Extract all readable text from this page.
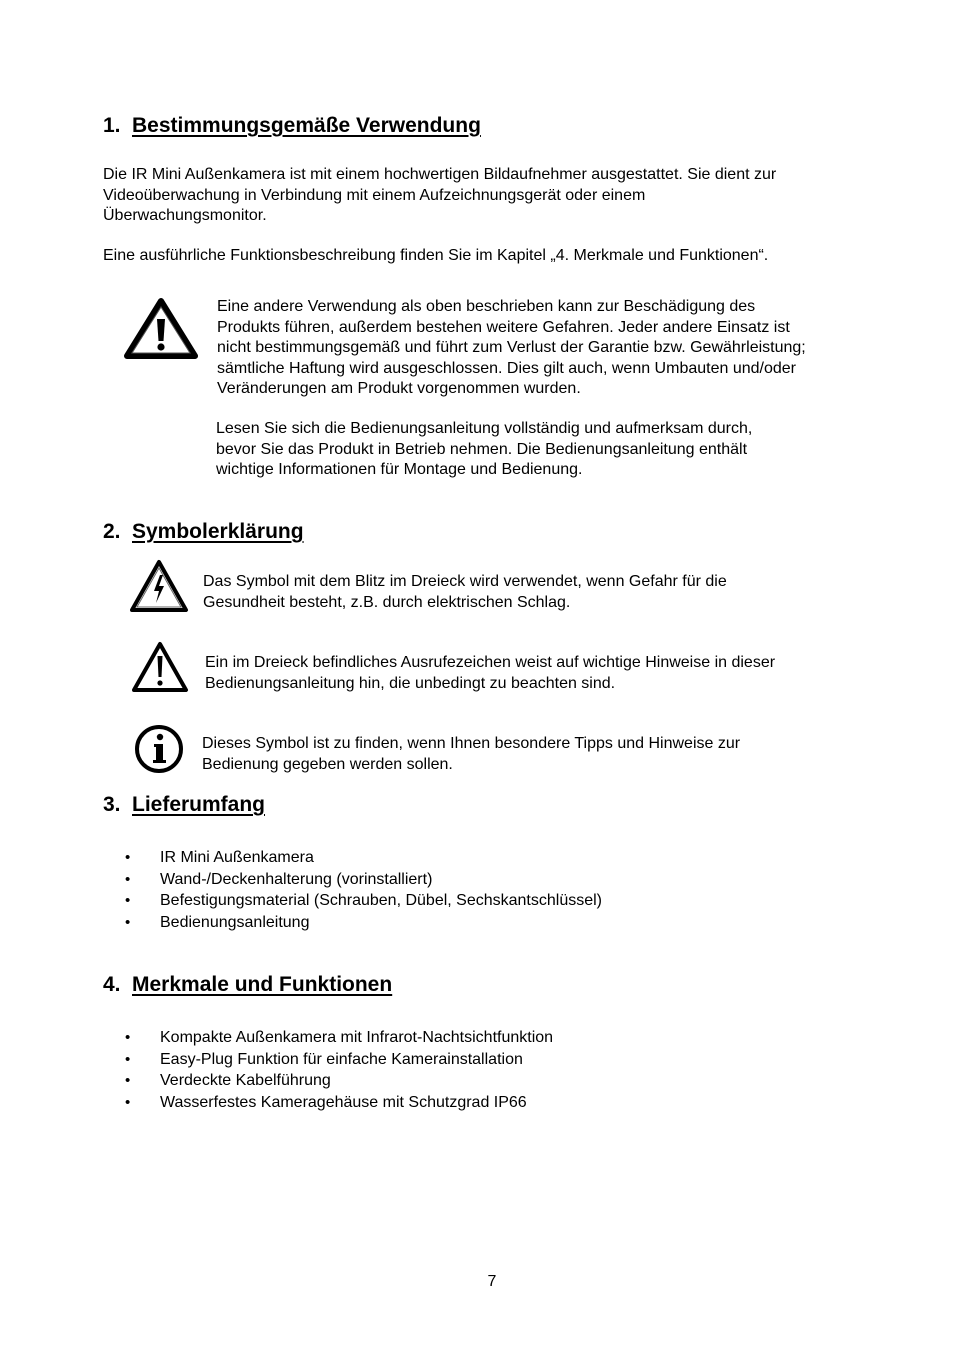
1. Bestimmungsgemäße Verwendung

Die IR Mini Außenkamera ist mit einem hochwertigen Bildaufnehmer ausgestattet. Sie dient zur
Videoüberwachung in Verbindung mit einem Aufzeichnungsgerät oder einem
Überwachungsmonitor.

Eine ausführliche Funktionsbeschreibung finden Sie im Kapitel „4. Merkmale und Funktionen“.

Eine andere Verwendung als oben beschrieben kann zur Beschädigung des
Produkts führen, außerdem bestehen weitere Gefahren. Jeder andere Einsatz ist
nicht bestimmungsgemäß und führt zum Verlust der Garantie bzw. Gewährleistung;
sämtliche Haftung wird ausgeschlossen. Dies gilt auch, wenn Umbauten und/oder
Veränderungen am Produkt vorgenommen wurden.

Lesen Sie sich die Bedienungsanleitung vollständig und aufmerksam durch,
bevor Sie das Produkt in Betrieb nehmen. Die Bedienungsanleitung enthält
wichtige Informationen für Montage und Bedienung.

2. Symbolerklärung

Das Symbol mit dem Blitz im Dreieck wird verwendet, wenn Gefahr für die
Gesundheit besteht, z.B. durch elektrischen Schlag.

Ein im Dreieck befindliches Ausrufezeichen weist auf wichtige Hinweise in dieser
Bedienungsanleitung hin, die unbedingt zu beachten sind.

Dieses Symbol ist zu finden, wenn Ihnen besondere Tipps und Hinweise zur
Bedienung gegeben werden sollen.

3. Lieferumfang
• IR Mini Außenkamera
• Wand-/Deckenhalterung (vorinstalliert)
• Befestigungsmaterial (Schrauben, Dübel, Sechskantschlüssel)
• Bedienungsanleitung
4. Merkmale und Funktionen
• Kompakte Außenkamera mit Infrarot-Nachtsichtfunktion
• Easy-Plug Funktion für einfache Kamerainstallation
• Verdeckte Kabelführung
• Wasserfestes Kameragehäuse mit Schutzgrad IP66
7
